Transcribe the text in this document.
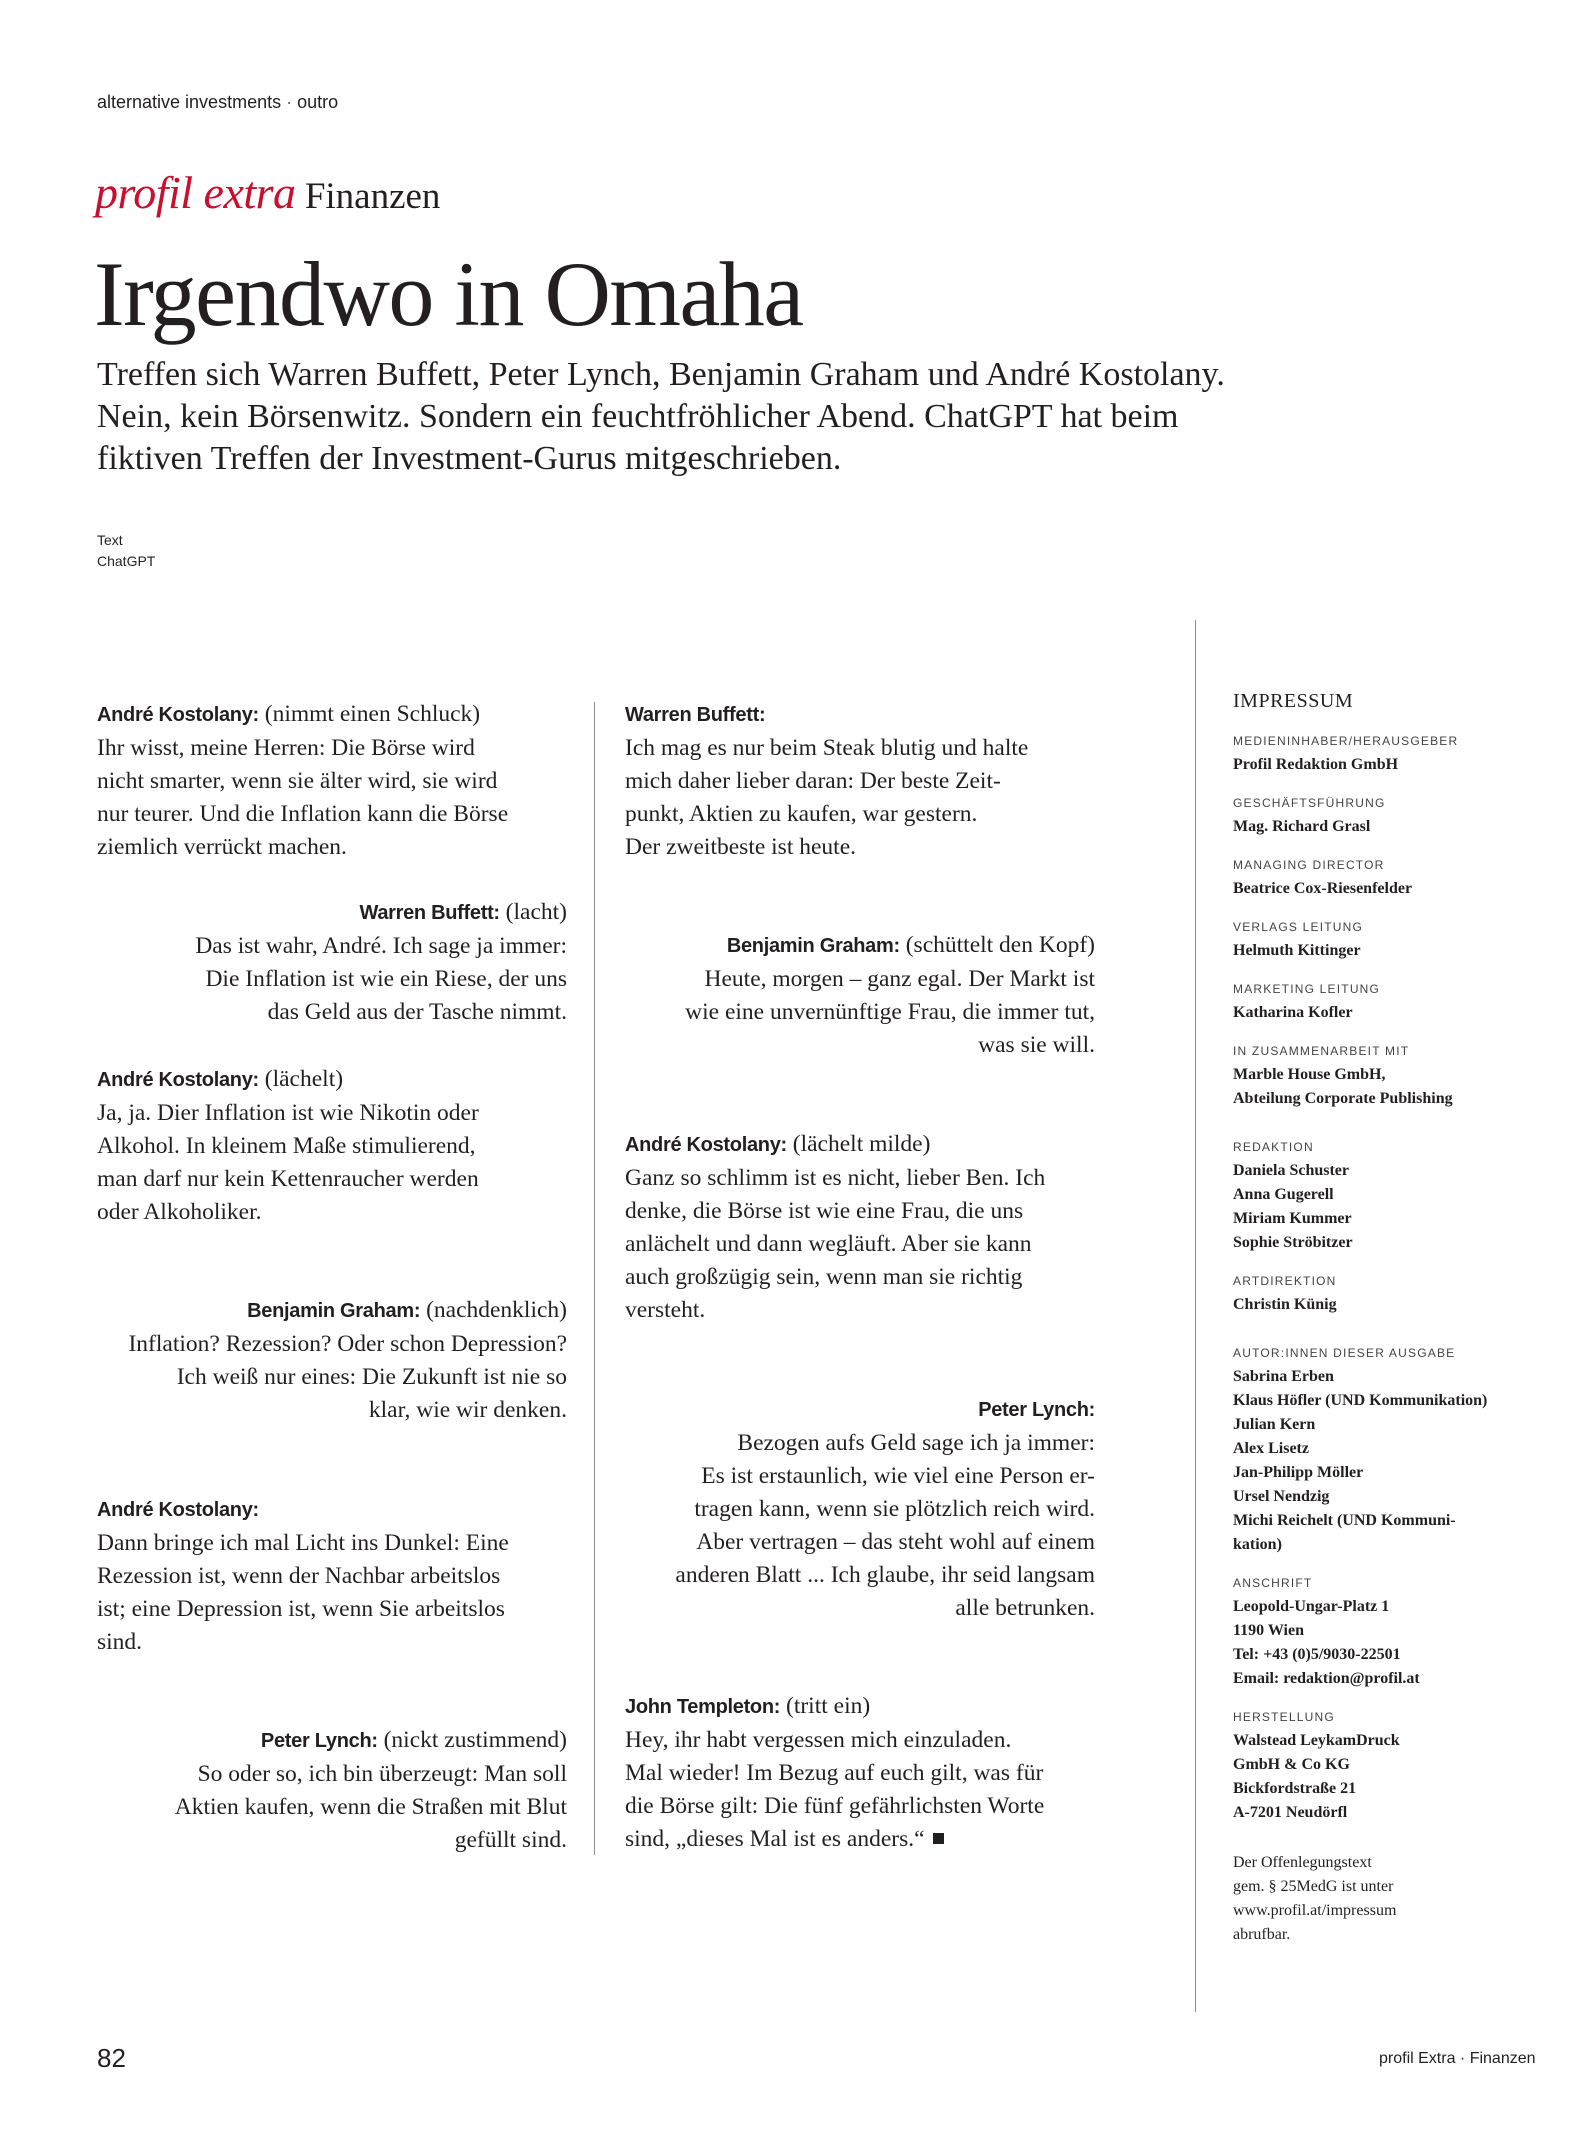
alternative investments · outro
profil extra Finanzen
Irgendwo in Omaha

Treffen sich Warren Buffett, Peter Lynch, Benjamin Graham und André Kostolany. Nein, kein Börsenwitz. Sondern ein feuchtfröhlicher Abend. ChatGPT hat beim fiktiven Treffen der Investment-Gurus mitgeschrieben.

Text
ChatGPT
André Kostolany: (nimmt einen Schluck)
Ihr wisst, meine Herren: Die Börse wird
nicht smarter, wenn sie älter wird, sie wird
nur teurer. Und die Inflation kann die Börse
ziemlich verrückt machen.
Warren Buffett: (lacht)
Das ist wahr, André. Ich sage ja immer:
Die Inflation ist wie ein Riese, der uns
das Geld aus der Tasche nimmt.
André Kostolany: (lächelt)
Ja, ja. Dier Inflation ist wie Nikotin oder
Alkohol. In kleinem Maße stimulierend,
man darf nur kein Kettenraucher werden
oder Alkoholiker.
Benjamin Graham: (nachdenklich)
Inflation? Rezession? Oder schon Depression?
Ich weiß nur eines: Die Zukunft ist nie so
klar, wie wir denken.
André Kostolany:
Dann bringe ich mal Licht ins Dunkel: Eine
Rezession ist, wenn der Nachbar arbeitslos
ist; eine Depression ist, wenn Sie arbeitslos
sind.
Peter Lynch: (nickt zustimmend)
So oder so, ich bin überzeugt: Man soll
Aktien kaufen, wenn die Straßen mit Blut
gefüllt sind.
Warren Buffett:
Ich mag es nur beim Steak blutig und halte
mich daher lieber daran: Der beste Zeit-
punkt, Aktien zu kaufen, war gestern.
Der zweitbeste ist heute.
Benjamin Graham: (schüttelt den Kopf)
Heute, morgen – ganz egal. Der Markt ist
wie eine unvernünftige Frau, die immer tut,
was sie will.
André Kostolany: (lächelt milde)
Ganz so schlimm ist es nicht, lieber Ben. Ich
denke, die Börse ist wie eine Frau, die uns
anlächelt und dann wegläuft. Aber sie kann
auch großzügig sein, wenn man sie richtig
versteht.
Peter Lynch:
Bezogen aufs Geld sage ich ja immer:
Es ist erstaunlich, wie viel eine Person er-
tragen kann, wenn sie plötzlich reich wird.
Aber vertragen – das steht wohl auf einem
anderen Blatt ... Ich glaube, ihr seid langsam
alle betrunken.
John Templeton: (tritt ein)
Hey, ihr habt vergessen mich einzuladen.
Mal wieder! Im Bezug auf euch gilt, was für
die Börse gilt: Die fünf gefährlichsten Worte
sind, „dieses Mal ist es anders.“
IMPRESSUM
MEDIENINHABER/HERAUSGEBER
Profil Redaktion GmbH
GESCHÄFTSFÜHRUNG
Mag. Richard Grasl
MANAGING DIRECTOR
Beatrice Cox-Riesenfelder
VERLAGS LEITUNG
Helmuth Kittinger
MARKETING LEITUNG
Katharina Kofler
IN ZUSAMMENARBEIT MIT
Marble House GmbH,
Abteilung Corporate Publishing
REDAKTION
Daniela Schuster
Anna Gugerell
Miriam Kummer
Sophie Ströbitzer
ARTDIREKTION
Christin Künig
AUTOR:INNEN DIESER AUSGABE
Sabrina Erben
Klaus Höfler (UND Kommunikation)
Julian Kern
Alex Lisetz
Jan-Philipp Möller
Ursel Nendzig
Michi Reichelt (UND Kommuni-
kation)
ANSCHRIFT
Leopold-Ungar-Platz 1
1190 Wien
Tel: +43 (0)5/9030-22501
Email: redaktion@profil.at
HERSTELLUNG
Walstead LeykamDruck
GmbH & Co KG
Bickfordstraße 21
A-7201 Neudörfl
Der Offenlegungstext
gem. § 25MedG ist unter
www.profil.at/impressum
abrufbar.
82	profil Extra · Finanzen
